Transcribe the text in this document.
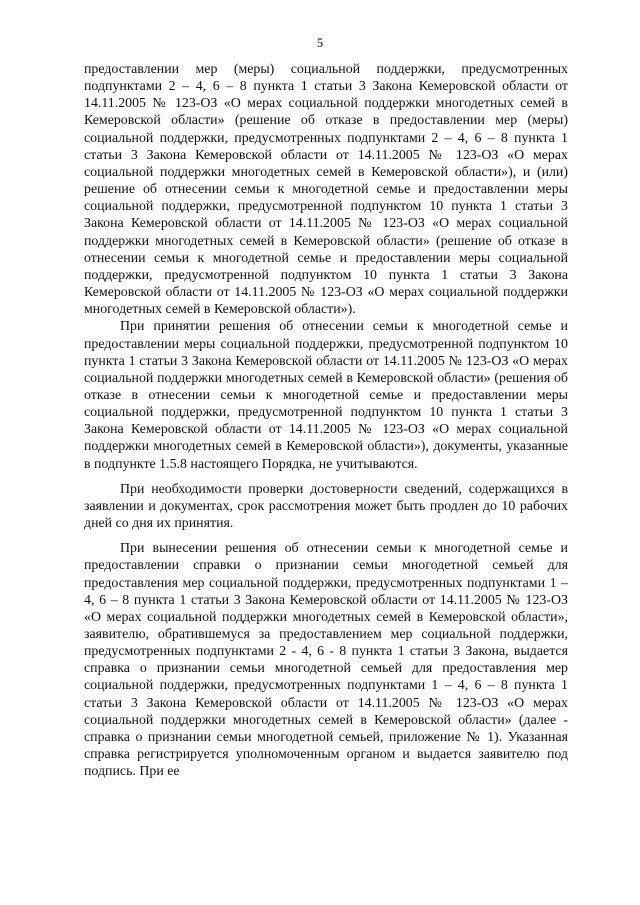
5

предоставлении мер (меры) социальной поддержки, предусмотренных подпунктами 2 – 4, 6 – 8 пункта 1 статьи 3 Закона Кемеровской области от 14.11.2005 № 123-ОЗ «О мерах социальной поддержки многодетных семей в Кемеровской области» (решение об отказе в предоставлении мер (меры) социальной поддержки, предусмотренных подпунктами 2 – 4, 6 – 8 пункта 1 статьи 3 Закона Кемеровской области от 14.11.2005 № 123-ОЗ «О мерах социальной поддержки многодетных семей в Кемеровской области»), и (или) решение об отнесении семьи к многодетной семье и предоставлении меры социальной поддержки, предусмотренной подпунктом 10 пункта 1 статьи 3 Закона Кемеровской области от 14.11.2005 № 123-ОЗ «О мерах социальной поддержки многодетных семей в Кемеровской области» (решение об отказе в отнесении семьи к многодетной семье и предоставлении меры социальной поддержки, предусмотренной подпунктом 10 пункта 1 статьи 3 Закона Кемеровской области от 14.11.2005 № 123-ОЗ «О мерах социальной поддержки многодетных семей в Кемеровской области»).

При принятии решения об отнесении семьи к многодетной семье и предоставлении меры социальной поддержки, предусмотренной подпунктом 10 пункта 1 статьи 3 Закона Кемеровской области от 14.11.2005 № 123-ОЗ «О мерах социальной поддержки многодетных семей в Кемеровской области» (решения об отказе в отнесении семьи к многодетной семье и предоставлении меры социальной поддержки, предусмотренной подпунктом 10 пункта 1 статьи 3 Закона Кемеровской области от 14.11.2005 № 123-ОЗ «О мерах социальной поддержки многодетных семей в Кемеровской области»), документы, указанные в подпункте 1.5.8 настоящего Порядка, не учитываются.

При необходимости проверки достоверности сведений, содержащихся в заявлении и документах, срок рассмотрения может быть продлен до 10 рабочих дней со дня их принятия.

При вынесении решения об отнесении семьи к многодетной семье и предоставлении справки о признании семьи многодетной семьей для предоставления мер социальной поддержки, предусмотренных подпунктами 1 – 4, 6 – 8 пункта 1 статьи 3 Закона Кемеровской области от 14.11.2005 № 123-ОЗ «О мерах социальной поддержки многодетных семей в Кемеровской области», заявителю, обратившемуся за предоставлением мер социальной поддержки, предусмотренных подпунктами 2 - 4, 6 - 8 пункта 1 статьи 3 Закона, выдается справка о признании семьи многодетной семьей для предоставления мер социальной поддержки, предусмотренных подпунктами 1 – 4, 6 – 8 пункта 1 статьи 3 Закона Кемеровской области от 14.11.2005 № 123-ОЗ «О мерах социальной поддержки многодетных семей в Кемеровской области» (далее - справка о признании семьи многодетной семьей, приложение № 1). Указанная справка регистрируется уполномоченным органом и выдается заявителю под подпись. При ее
